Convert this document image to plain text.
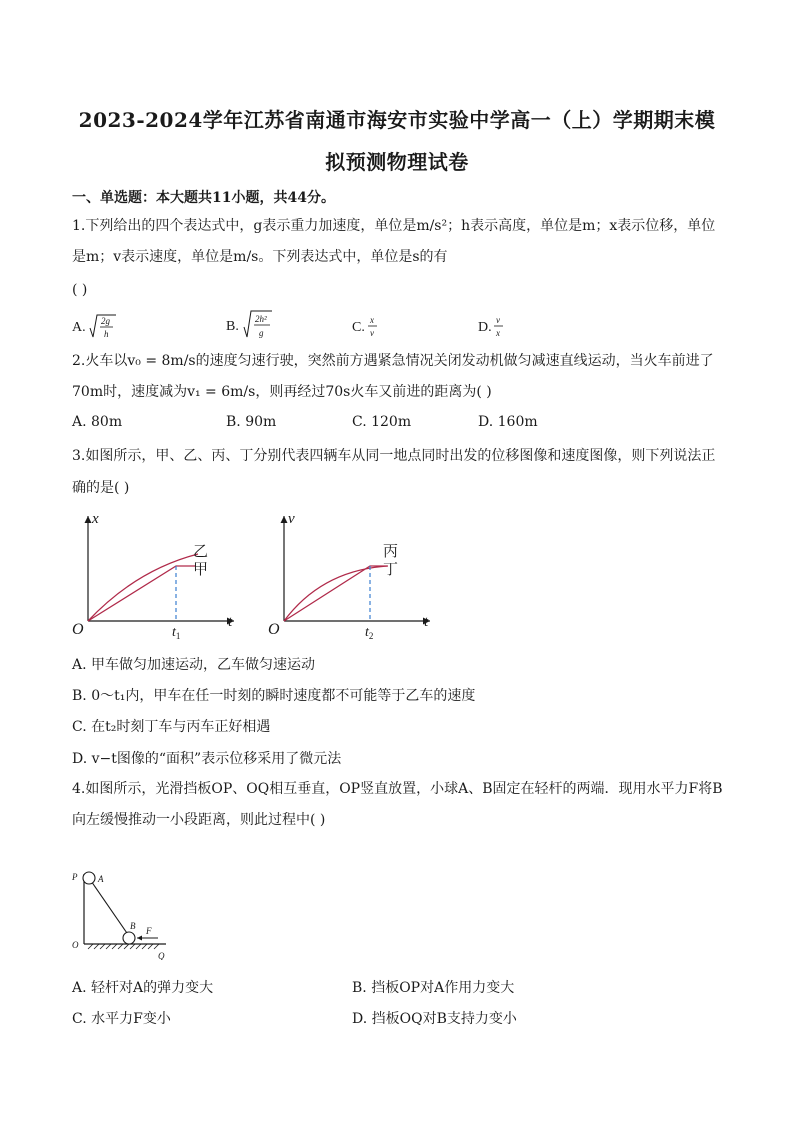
2023-2024学年江苏省南通市海安市实验中学高一（上）学期期末模
拟预测物理试卷
一、单选题：本大题共11小题，共44分。
1.下列给出的四个表达式中，g表示重力加速度，单位是m/s²；h表示高度，单位是m；x表示位移，单位
是m；v表示速度，单位是m/s。下列表达式中，单位是s的有
( )
A. 2g
h	B. 2h²
g	C. x
v	D. v
x
2.火车以v₀ = 8m/s的速度匀速行驶，突然前方遇紧急情况关闭发动机做匀减速直线运动，当火车前进了
70m时，速度减为v₁ = 6m/s，则再经过70s火车又前进的距离为( )
A. 80m	B. 90m	C. 120m	D. 160m
3.如图所示，甲、乙、丙、丁分别代表四辆车从同一地点同时出发的位移图像和速度图像，则下列说法正
确的是( )
x
t
O
乙
甲
$t_1$
v
t
O
丙
丁
$t_2$
A. 甲车做匀加速运动，乙车做匀速运动
B. 0～t₁内，甲车在任一时刻的瞬时速度都不可能等于乙车的速度
C. 在t₂时刻丁车与丙车正好相遇
D. v−t图像的“面积”表示位移采用了微元法
4.如图所示，光滑挡板OP、OQ相互垂直，OP竖直放置，小球A、B固定在轻杆的两端．现用水平力F将B
向左缓慢推动一小段距离，则此过程中( )
P
O
Q
A
B F
A. 轻杆对A的弹力变大	B. 挡板OP对A作用力变大
C. 水平力F变小	D. 挡板OQ对B支持力变小
